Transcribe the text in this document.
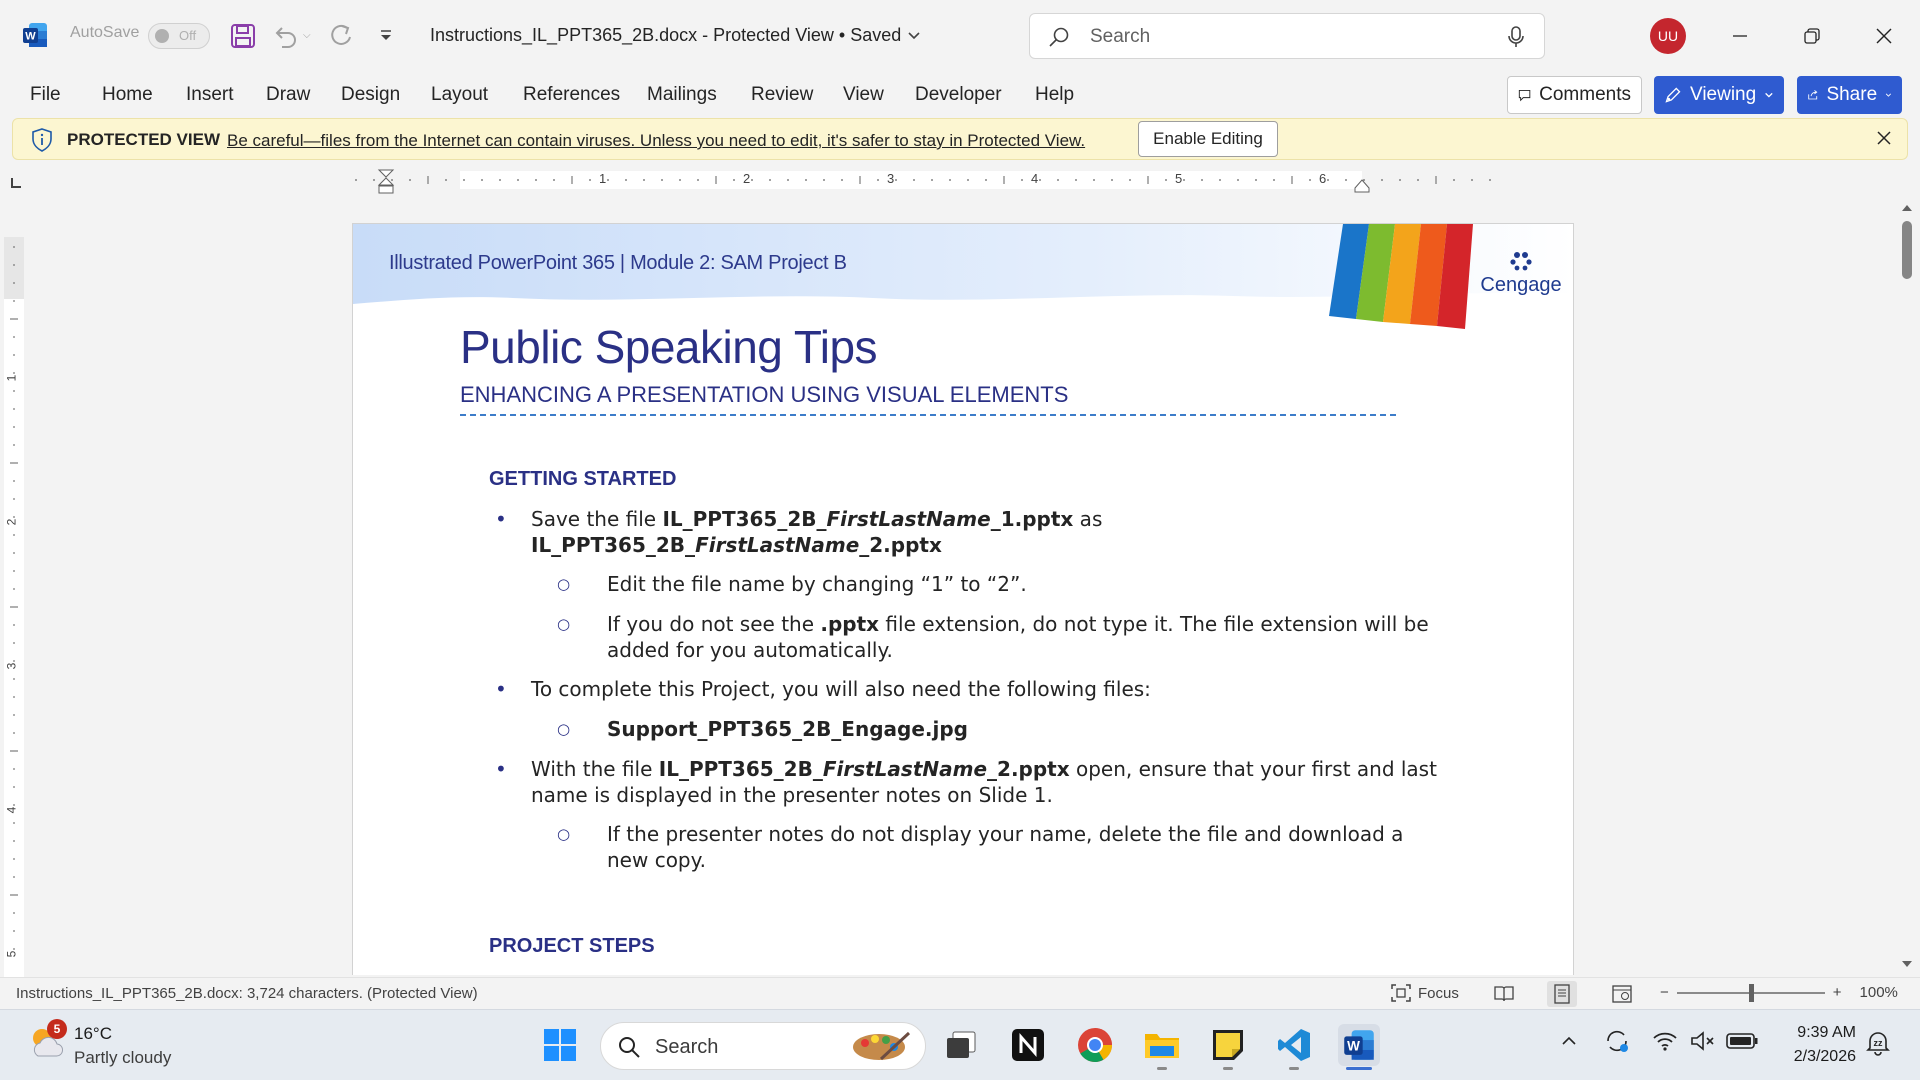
W AutoSave	Off	⌵	Instructions_IL_PPT365_2B.docx - Protected View • Saved	Search	UU
File Home Insert Draw Design Layout References Mailings Review View Developer Help	Comments	Viewing	Share
PROTECTED VIEW Be careful—files from the Internet can contain viruses. Unless you need to edit, it's safer to stay in Protected View.	Enable Editing
1	2	3	4	5	6
1
2
3
4
5
Illustrated PowerPoint 365 | Module 2: SAM Project B
Cengage
Public Speaking Tips
ENHANCING A PRESENTATION USING VISUAL ELEMENTS
GETTING STARTED
• Save the file IL_PPT365_2B_FirstLastName_1.pptx as
IL_PPT365_2B_FirstLastName_2.pptx
○ Edit the file name by changing “1” to “2”.
○ If you do not see the .pptx file extension, do not type it. The file extension will be added for you automatically.
• To complete this Project, you will also need the following files:
○ Support_PPT365_2B_Engage.jpg
• With the file IL_PPT365_2B_FirstLastName_2.pptx open, ensure that your first and last name is displayed in the presenter notes on Slide 1.
○ If the presenter notes do not display your name, delete the file and download a new copy.
PROJECT STEPS
Instructions_IL_PPT365_2B.docx: 3,724 characters. (Protected View)	Focus	−	+ 100%
5 16°C
Partly cloudy	Search	W
9:39 AM
2/3/2026
zz
